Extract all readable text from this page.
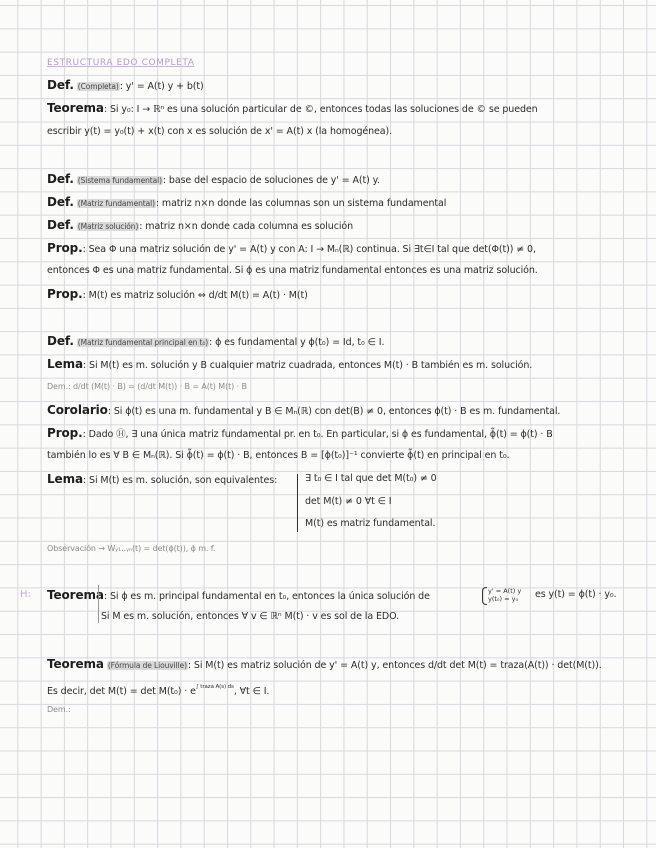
ESTRUCTURA EDO COMPLETA
Def. (Completa): y' = A(t) y + b(t)
Teorema: Si y₀: I → ℝⁿ es una solución particular de ©, entonces todas las soluciones de © se pueden
escribir y(t) = y₀(t) + x(t) con x es solución de x' = A(t) x (la homogénea).
Def. (Sistema fundamental): base del espacio de soluciones de y' = A(t) y.
Def. (Matriz fundamental): matriz n×n donde las columnas son un sistema fundamental
Def. (Matriz solución): matriz n×n donde cada columna es solución
Prop.: Sea Φ una matriz solución de y' = A(t) y con A: I → Mₙ(ℝ) continua. Si ∃t∈I tal que det(Φ(t)) ≠ 0,
entonces Φ es una matriz fundamental. Si ϕ es una matriz fundamental entonces es una matriz solución.
Prop.: M(t) es matriz solución ⇔ d/dt M(t) = A(t) · M(t)
Def. (Matriz fundamental principal en t₀): ϕ es fundamental y ϕ(t₀) = Id, t₀ ∈ I.
Lema: Si M(t) es m. solución y B cualquier matriz cuadrada, entonces M(t) · B también es m. solución.
Dem.: d/dt (M(t) · B) = (d/dt M(t)) · B = A(t) M(t) · B
Corolario: Si ϕ(t) es una m. fundamental y B ∈ Mₙ(ℝ) con det(B) ≠ 0, entonces ϕ(t) · B es m. fundamental.
Prop.: Dado Ⓗ, ∃ una única matriz fundamental pr. en t₀. En particular, si ϕ es fundamental, ϕ̃(t) = ϕ(t) · B
también lo es ∀ B ∈ Mₙ(ℝ). Si ϕ̃(t) = ϕ(t) · B, entonces B = [ϕ(t₀)]⁻¹ convierte ϕ̃(t) en principal en t₀.
Lema: Si M(t) es m. solución, son equivalentes:	∃ t₀ ∈ I tal que det M(t₀) ≠ 0
det M(t) ≠ 0 ∀t ∈ I
M(t) es matriz fundamental.
Observación → Wᵧ₁..ᵧₙ(t) = det(ϕ(t)), ϕ m. f.
H: Teorema: Si ϕ es m. principal fundamental en t₀, entonces la única solución de	y' = A(t) y
y(t₀) = y₀	es y(t) = ϕ(t) · y₀.
Si M es m. solución, entonces ∀ v ∈ ℝⁿ M(t) · v es sol de la EDO.
Teorema (Fórmula de Liouville): Si M(t) es matriz solución de y' = A(t) y, entonces d/dt det M(t) = traza(A(t)) · det(M(t)).
Es decir, $\det M(t) = \det M(t_0) \cdot e^{\int traza A(s) ds}$, ∀t ∈ I.
Dem.:
